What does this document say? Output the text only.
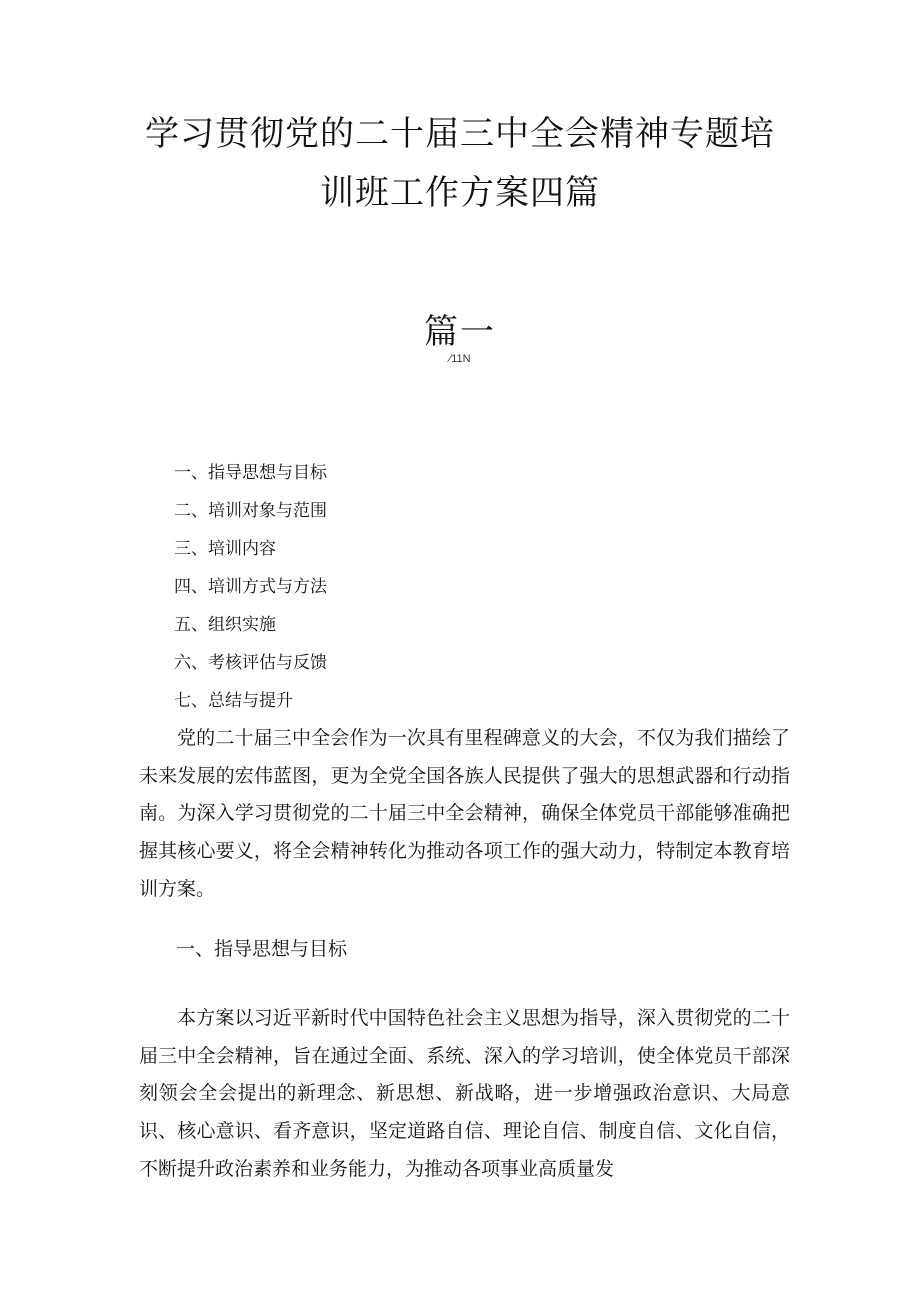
学习贯彻党的二十届三中全会精神专题培
训班工作方案四篇
篇一
⁄11N
一、指导思想与目标
二、培训对象与范围
三、培训内容
四、培训方式与方法
五、组织实施
六、考核评估与反馈
七、总结与提升

党的二十届三中全会作为一次具有里程碑意义的大会，不仅为我们描绘了未来发展的宏伟蓝图，更为全党全国各族人民提供了强大的思想武器和行动指南。为深入学习贯彻党的二十届三中全会精神，确保全体党员干部能够准确把握其核心要义，将全会精神转化为推动各项工作的强大动力，特制定本教育培训方案。

一、指导思想与目标

本方案以习近平新时代中国特色社会主义思想为指导，深入贯彻党的二十届三中全会精神，旨在通过全面、系统、深入的学习培训，使全体党员干部深刻领会全会提出的新理念、新思想、新战略，进一步增强政治意识、大局意识、核心意识、看齐意识，坚定道路自信、理论自信、制度自信、文化自信，不断提升政治素养和业务能力，为推动各项事业高质量发
